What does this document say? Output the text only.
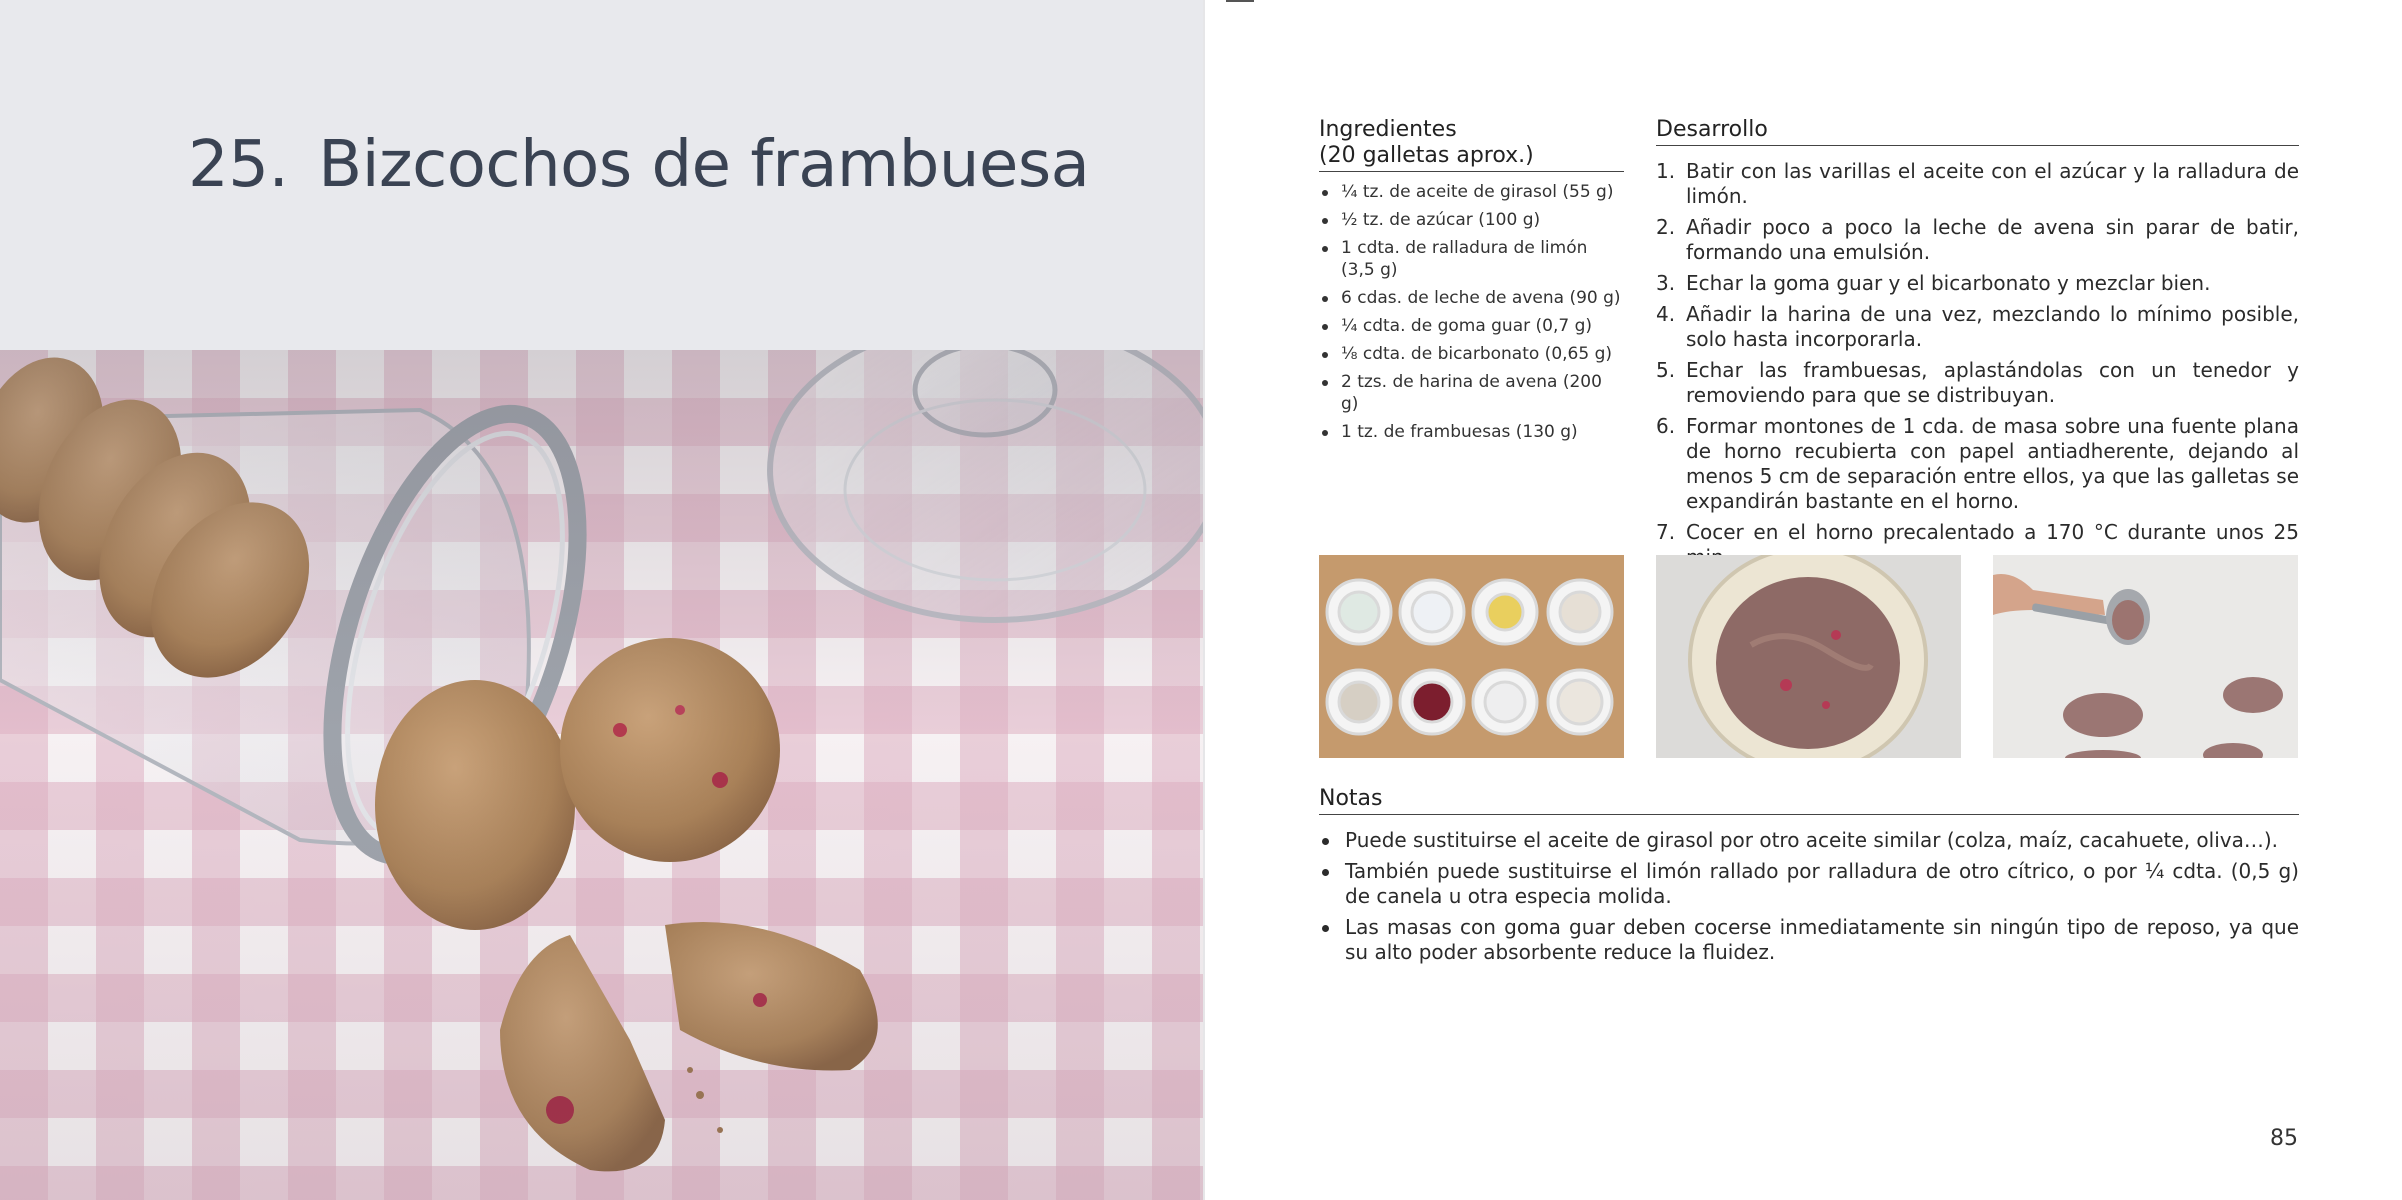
25. Bizcochos de frambuesa	Ingredientes
(20 galletas aprox.)
¼ tz. de aceite de girasol (55 g)
½ tz. de azúcar (100 g)
1 cdta. de ralladura de limón (3,5 g)
6 cdas. de leche de avena (90 g)
¼ cdta. de goma guar (0,7 g)
⅛ cdta. de bicarbonato (0,65 g)
2 tzs. de harina de avena (200 g)
1 tz. de frambuesas (130 g)
Desarrollo
1. Batir con las varillas el aceite con el azúcar y la ralladura de limón.
2. Añadir poco a poco la leche de avena sin parar de batir, formando una emulsión.
3. Echar la goma guar y el bicarbonato y mezclar bien.
4. Añadir la harina de una vez, mezclando lo mínimo posible, solo hasta incorporarla.
5. Echar las frambuesas, aplastándolas con un tenedor y removiendo para que se distribuyan.
6. Formar montones de 1 cda. de masa sobre una fuente plana de horno recubierta con papel antiadherente, dejando al menos 5 cm de separación entre ellos, ya que las galletas se expandirán bastante en el horno.
7. Cocer en el horno precalentado a 170 °C durante unos 25
Notas
Puede sustituirse el aceite de girasol por otro aceite similar (colza, maíz, cacahuete, oliva…).
También puede sustituirse el limón rallado por ralladura de otro cítrico, o por ¼ cdta. (0,5 g) de canela u otra especia molida.
Las masas con goma guar deben cocerse inmediatamente sin ningún tipo de reposo, ya que su alto poder absorbente reduce la fluidez.
85
